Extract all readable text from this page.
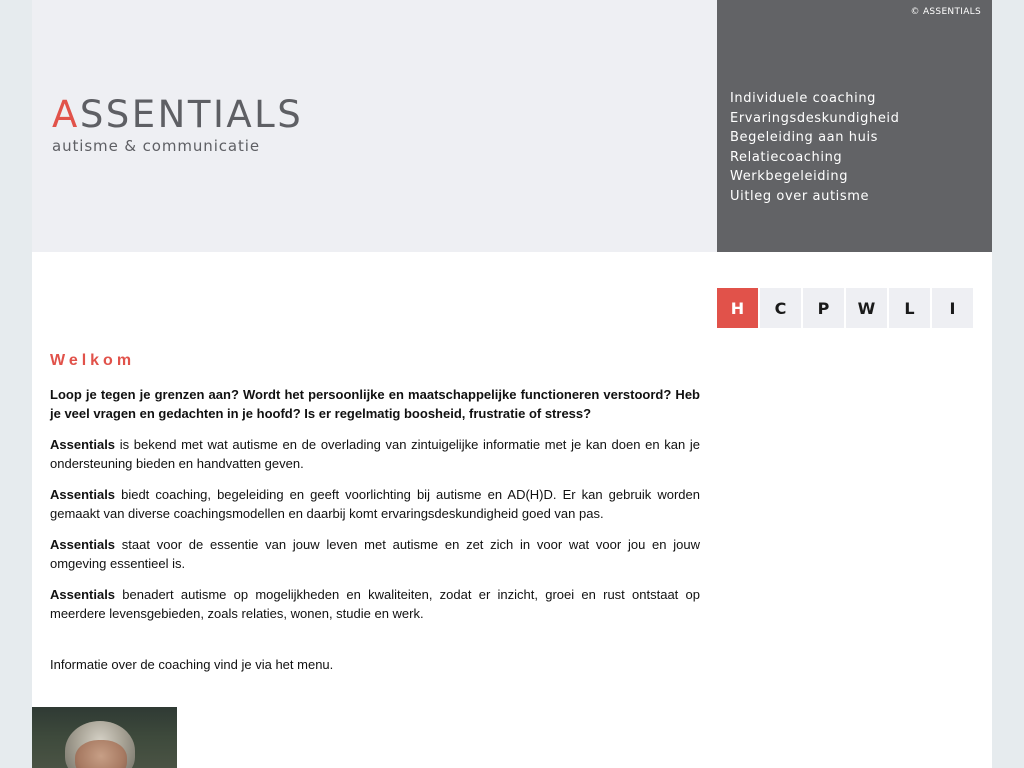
ASSENTIALS
autisme & communicatie
© ASSENTIALS
Individuele coaching
Ervaringsdeskundigheid
Begeleiding aan huis
Relatiecoaching
Werkbegeleiding
Uitleg over autisme
H	C	P	W	L	I
Welkom

Loop je tegen je grenzen aan? Wordt het persoonlijke en maatschappelijke functioneren verstoord? Heb je veel vragen en gedachten in je hoofd? Is er regelmatig boosheid, frustratie of stress?

Assentials is bekend met wat autisme en de overlading van zintuigelijke informatie met je kan doen en kan je ondersteuning bieden en handvatten geven.

Assentials biedt coaching, begeleiding en geeft voorlichting bij autisme en AD(H)D. Er kan gebruik worden gemaakt van diverse coachingsmodellen en daarbij komt ervaringsdeskundigheid goed van pas.

Assentials staat voor de essentie van jouw leven met autisme en zet zich in voor wat voor jou en jouw omgeving essentieel is.

Assentials benadert autisme op mogelijkheden en kwaliteiten, zodat er inzicht, groei en rust ontstaat op meerdere levensgebieden, zoals relaties, wonen, studie en werk.

Informatie over de coaching vind je via het menu.
